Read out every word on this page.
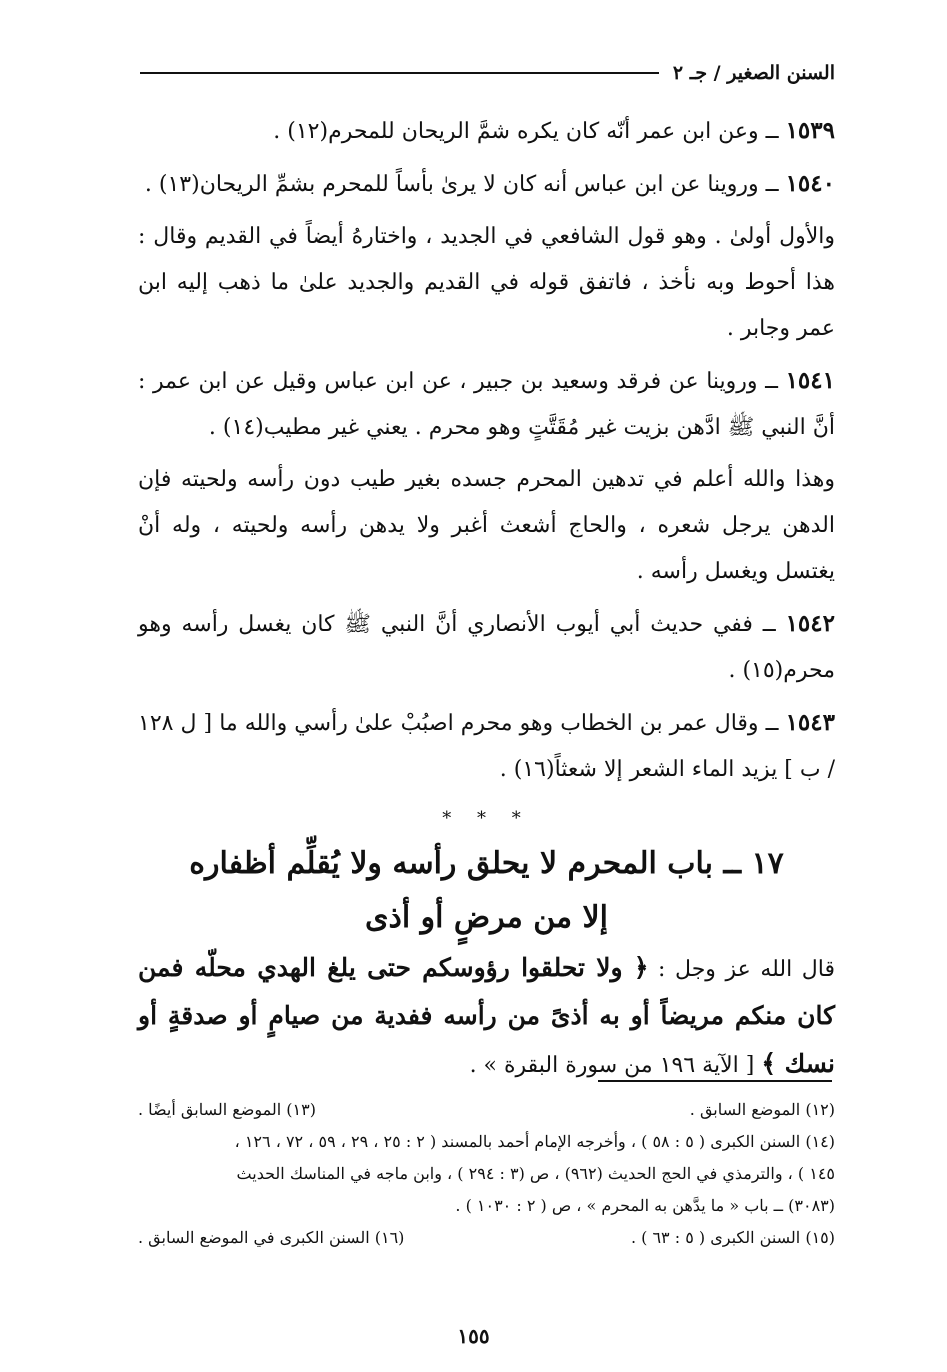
السنن الصغير / جـ ٢

١٥٣٩ ــ وعن ابن عمر أنّه كان يكره شمَّ الريحان للمحرم(١٢) .

١٥٤٠ ــ وروينا عن ابن عباس أنه كان لا يرىٰ بأساً للمحرم بشمِّ الريحان(١٣) .

والأول أولىٰ . وهو قول الشافعي في الجديد ، واختارهُ أيضاً في القديم وقال : هذا أحوط وبه نأخذ ، فاتفق قوله في القديم والجديد علىٰ ما ذهب إليه ابن عمر وجابر .

١٥٤١ ــ وروينا عن فرقد وسعيد بن جبير ، عن ابن عباس وقيل عن ابن عمر : أنَّ النبي ﷺ ادَّهن بزيت غير مُقَتَّتٍ وهو محرم . يعني غير مطيب(١٤) .

وهذا والله أعلم في تدهين المحرم جسده بغير طيب دون رأسه ولحيته فإن الدهن يرجل شعره ، والحاج أشعث أغبر ولا يدهن رأسه ولحيته ، وله أنْ يغتسل ويغسل رأسه .

١٥٤٢ ــ ففي حديث أبي أيوب الأنصاري أنَّ النبي ﷺ كان يغسل رأسه وهو محرم(١٥) .

١٥٤٣ ــ وقال عمر بن الخطاب وهو محرم اصبُبْ علىٰ رأسي والله ما [ ل ١٢٨ / ب ] يزيد الماء الشعر إلا شعثاً(١٦) .

* * *

١٧ ــ باب المحرم لا يحلق رأسه ولا يُقلِّم أظفاره

إلا من مرضٍ أو أذى

قال الله عز وجل : ﴿ ولا تحلقوا رؤوسكم حتى يلغ الهدي محلّه فمن كان منكم مريضاً أو به أذىً من رأسه ففدية من صيامٍ أو صدقةٍ أو نسك ﴾ [ الآية ١٩٦ من سورة البقرة » .

(١٢) الموضع السابق .
(١٣) الموضع السابق أيضًا .
(١٤) السنن الكبرى ( ٥ : ٥٨ ) ، وأخرجه الإمام أحمد بالمسند ( ٢ : ٢٥ ، ٢٩ ، ٥٩ ، ٧٢ ، ١٢٦ ،
١٤٥ ) ، والترمذي في الحج الحديث (٩٦٢) ، ص (٣ : ٢٩٤ ) ، وابن ماجه في المناسك الحديث
(٣٠٨٣) ــ باب « ما يدَّهن به المحرم » ، ص ( ٢ : ١٠٣٠ ) .
(١٥) السنن الكبرى ( ٥ : ٦٣ ) .
(١٦) السنن الكبرى في الموضع السابق .
١٥٥
